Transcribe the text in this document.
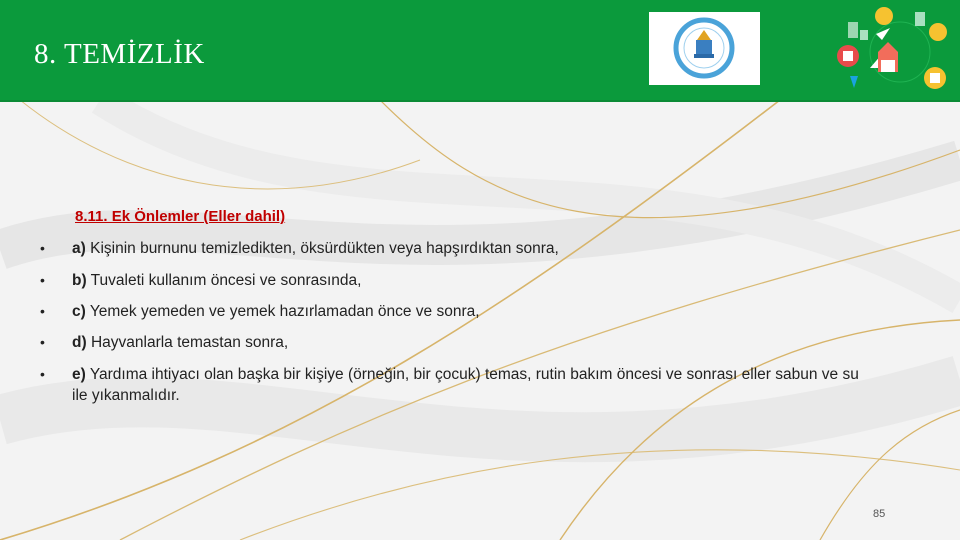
8. TEMİZLİK
8.11. Ek Önlemler (Eller dahil)
• a) Kişinin burnunu temizledikten, öksürdükten veya hapşırdıktan sonra,
• b) Tuvaleti kullanım öncesi ve sonrasında,
• c) Yemek yemeden ve yemek hazırlamadan önce ve sonra,
• d) Hayvanlarla temastan sonra,
• e) Yardıma ihtiyacı olan başka bir kişiye (örneğin, bir çocuk) temas, rutin bakım öncesi ve sonrası eller sabun ve su ile yıkanmalıdır.
85
